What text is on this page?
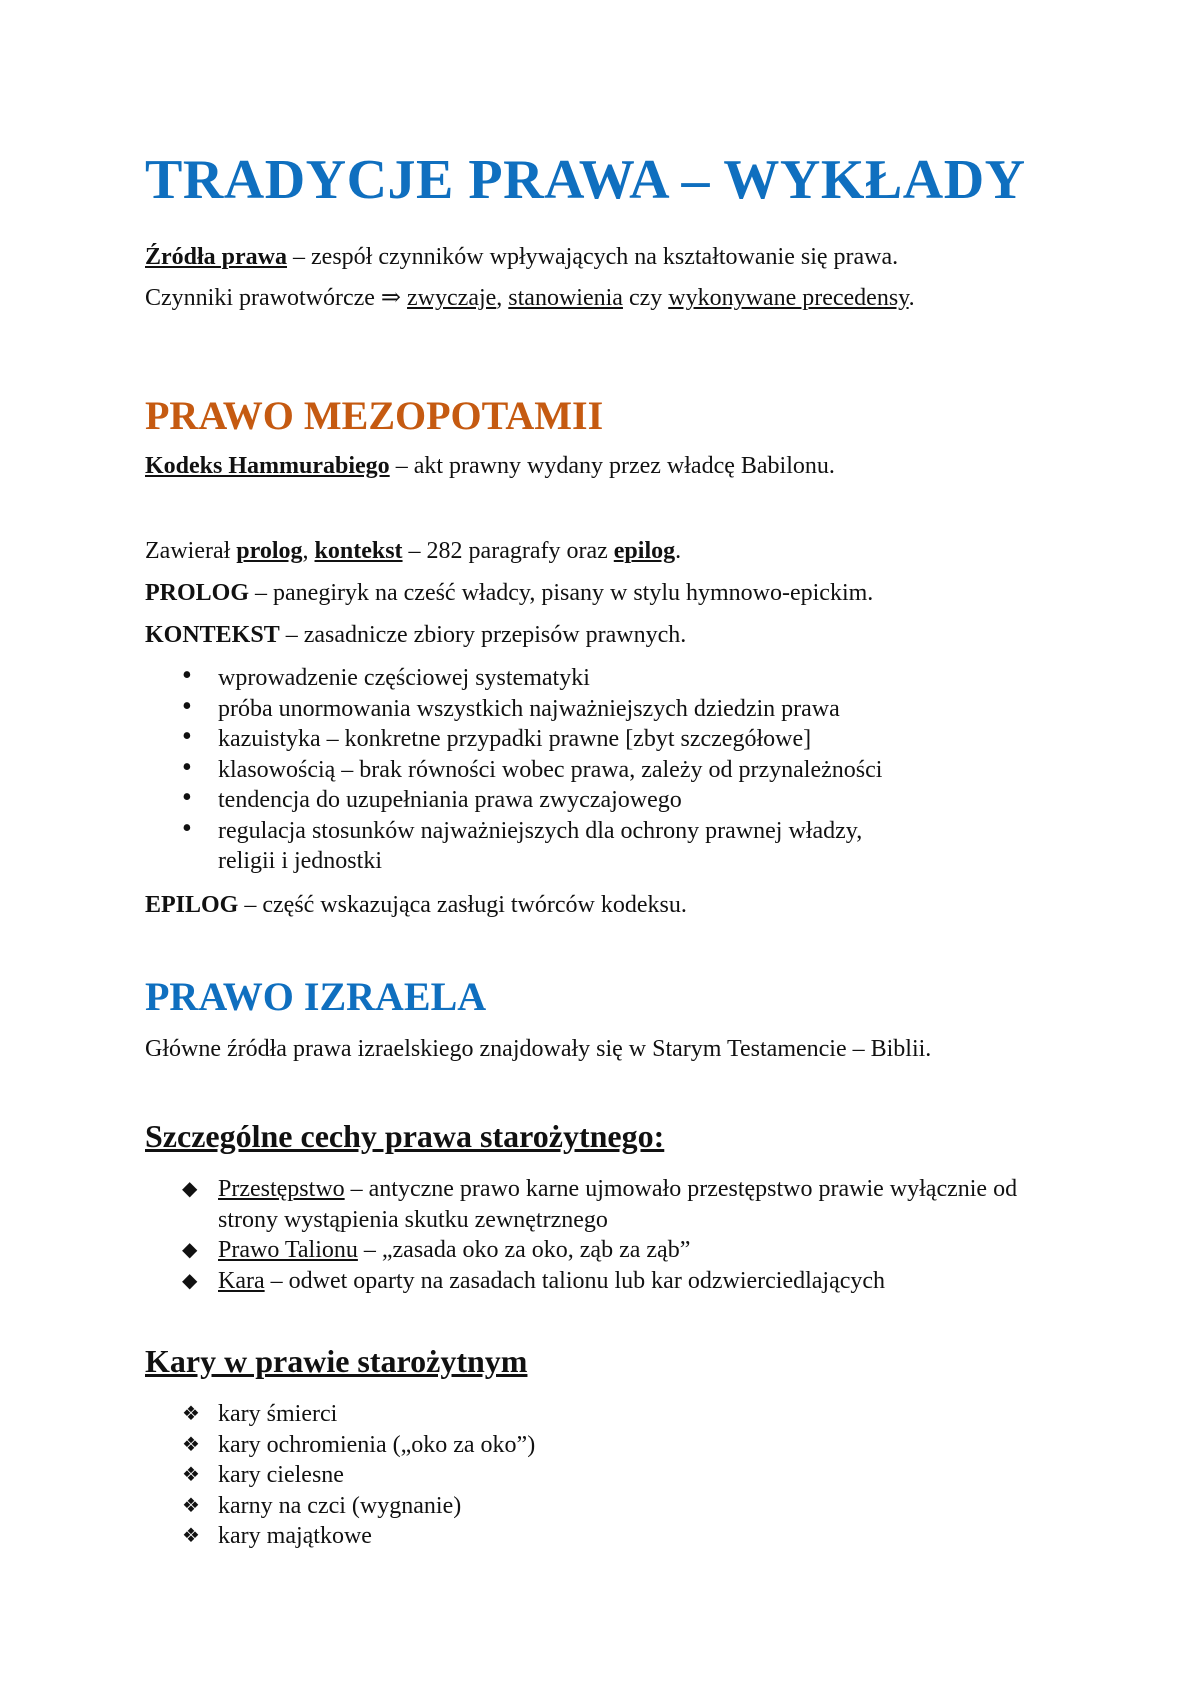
TRADYCJE PRAWA – WYKŁADY

Źródła prawa – zespół czynników wpływających na kształtowanie się prawa.

Czynniki prawotwórcze ⇒ zwyczaje, stanowienia czy wykonywane precedensy.

PRAWO MEZOPOTAMII

Kodeks Hammurabiego – akt prawny wydany przez władcę Babilonu.

Zawierał prolog, kontekst – 282 paragrafy oraz epilog.

PROLOG – panegiryk na cześć władcy, pisany w stylu hymnowo-epickim.

KONTEKST – zasadnicze zbiory przepisów prawnych.

• wprowadzenie częściowej systematyki
• próba unormowania wszystkich najważniejszych dziedzin prawa
• kazuistyka – konkretne przypadki prawne [zbyt szczegółowe]
• klasowością – brak równości wobec prawa, zależy od przynależności
• tendencja do uzupełniania prawa zwyczajowego
• regulacja stosunków najważniejszych dla ochrony prawnej władzy, religii i jednostki

EPILOG – część wskazująca zasługi twórców kodeksu.

PRAWO IZRAELA

Główne źródła prawa izraelskiego znajdowały się w Starym Testamencie – Biblii.

Szczególne cechy prawa starożytnego:
◆ Przestępstwo – antyczne prawo karne ujmowało przestępstwo prawie wyłącznie od strony wystąpienia skutku zewnętrznego
◆ Prawo Talionu – „zasada oko za oko, ząb za ząb”
◆ Kara – odwet oparty na zasadach talionu lub kar odzwierciedlających
Kary w prawie starożytnym
❖ kary śmierci
❖ kary ochromienia („oko za oko”)
❖ kary cielesne
❖ karny na czci (wygnanie)
❖ kary majątkowe
